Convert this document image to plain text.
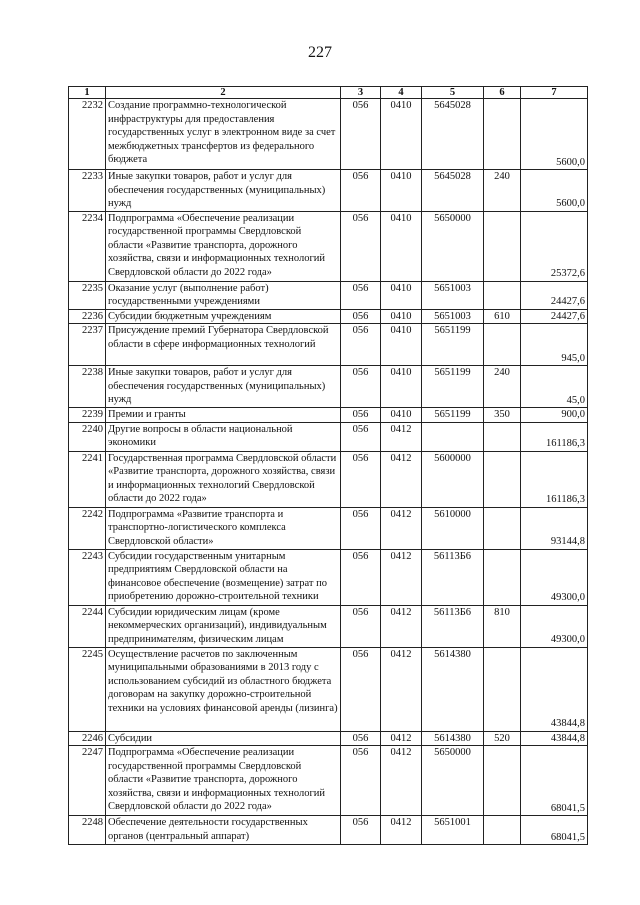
227
1	2	3	4	5	6	7
2232	Создание программно-технологической инфраструктуры для предоставления государственных услуг в электронном виде за счет межбюджетных трансфертов из федерального бюджета	056	0410	5645028		5600,0
2233	Иные закупки товаров, работ и услуг для обеспечения государственных (муниципальных) нужд	056	0410	5645028	240	5600,0
2234	Подпрограмма «Обеспечение реализации государственной программы Свердловской области «Развитие транспорта, дорожного хозяйства, связи и информационных технологий Свердловской области до 2022 года»	056	0410	5650000		25372,6
2235	Оказание услуг (выполнение работ) государственными учреждениями	056	0410	5651003		24427,6
2236	Субсидии бюджетным учреждениям	056	0410	5651003	610	24427,6
2237	Присуждение премий Губернатора Свердловской области в сфере информационных технологий	056	0410	5651199		945,0
2238	Иные закупки товаров, работ и услуг для обеспечения государственных (муниципальных) нужд	056	0410	5651199	240	45,0
2239	Премии и гранты	056	0410	5651199	350	900,0
2240	Другие вопросы в области национальной экономики	056	0412			161186,3
2241	Государственная программа Свердловской области «Развитие транспорта, дорожного хозяйства, связи и информационных технологий Свердловской области до 2022 года»	056	0412	5600000		161186,3
2242	Подпрограмма «Развитие транспорта и транспортно-логистического комплекса Свердловской области»	056	0412	5610000		93144,8
2243	Субсидии государственным унитарным предприятиям Свердловской области на финансовое обеспечение (возмещение) затрат по приобретению дорожно-строительной техники	056	0412	56113Б6		49300,0
2244	Субсидии юридическим лицам (кроме некоммерческих организаций), индивидуальным предпринимателям, физическим лицам	056	0412	56113Б6	810	49300,0
2245	Осуществление расчетов по заключенным муниципальными образованиями в 2013 году с использованием субсидий из областного бюджета договорам на закупку дорожно-строительной техники на условиях финансовой аренды (лизинга)	056	0412	5614380		43844,8
2246	Субсидии	056	0412	5614380	520	43844,8
2247	Подпрограмма «Обеспечение реализации государственной программы Свердловской области «Развитие транспорта, дорожного хозяйства, связи и информационных технологий Свердловской области до 2022 года»	056	0412	5650000		68041,5
2248	Обеспечение деятельности государственных органов (центральный аппарат)	056	0412	5651001		68041,5
